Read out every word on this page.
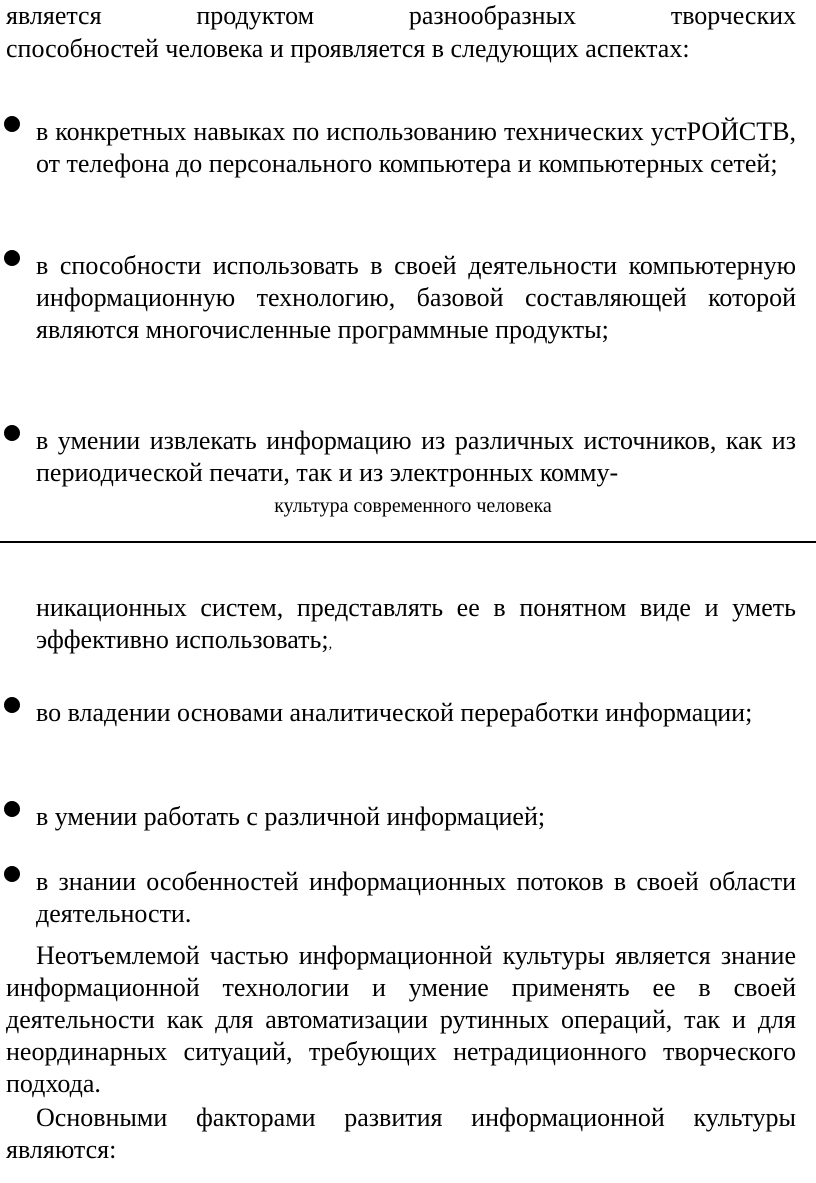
является продуктом разнообразных творческих

способностей человека и проявляется в следующих аспектах:

в конкретных навыках по использованию технических устРОЙСТВ, от телефона до персонального компьютера и компьютерных сетей;

в способности использовать в своей деятельности компьютерную информационную технологию, базовой составляющей которой являются многочисленные программные продукты;

в умении извлекать информацию из различных источников, как из периодической печати, так и из электронных комму-

культура современного человека

никационных систем, представлять ее в понятном виде и уметь эффективно использовать;,

во владении основами аналитической переработки информации;

в умении работать с различной информацией;

в знании особенностей информационных потоков в своей области деятельности.

Неотъемлемой частью информационной культуры является знание информационной технологии и умение применять ее в своей деятельности как для автоматизации рутинных операций, так и для неординарных ситуаций, требующих нетрадиционного творческого подхода.

Основными факторами развития информационной культуры являются:
